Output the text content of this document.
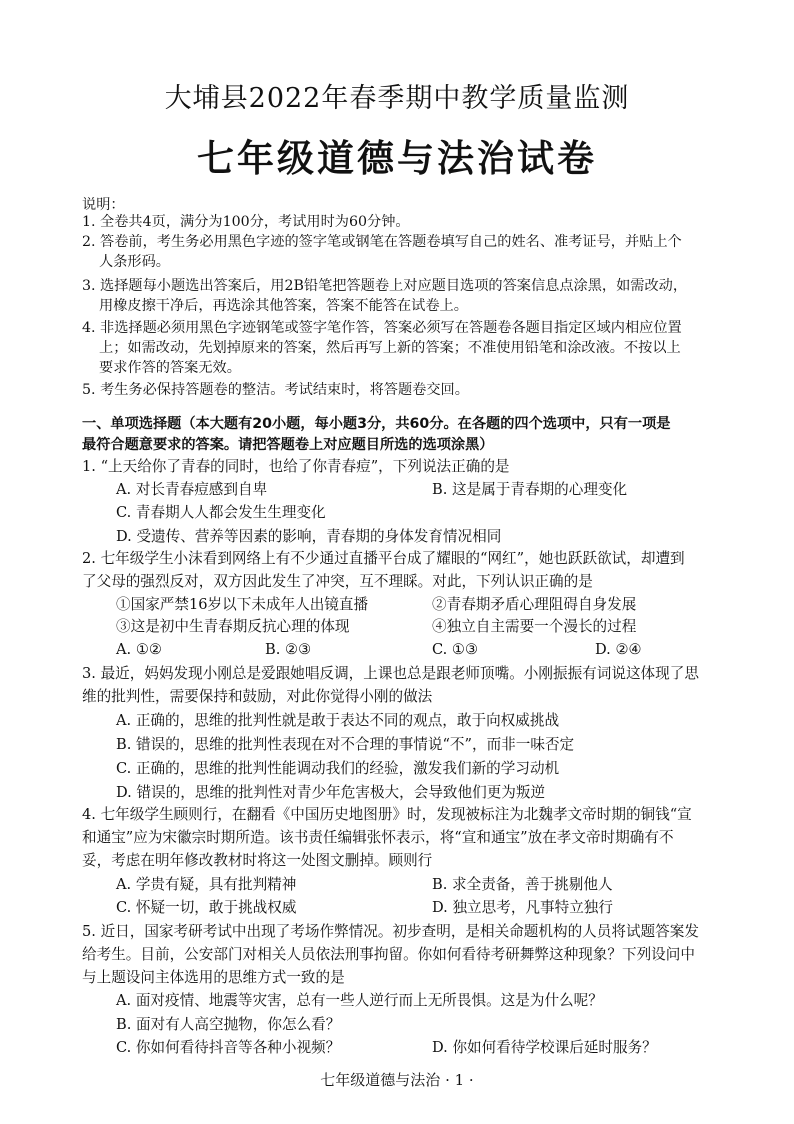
大埔县2022年春季期中教学质量监测
七年级道德与法治试卷
说明：
1. 全卷共4页，满分为100分，考试用时为60分钟。
2. 答卷前，考生务必用黑色字迹的签字笔或钢笔在答题卷填写自己的姓名、准考证号，并贴上个
人条形码。
3. 选择题每小题选出答案后，用2B铅笔把答题卷上对应题目选项的答案信息点涂黑，如需改动，
用橡皮擦干净后，再选涂其他答案，答案不能答在试卷上。
4. 非选择题必须用黑色字迹钢笔或签字笔作答，答案必须写在答题卷各题目指定区域内相应位置
上；如需改动，先划掉原来的答案，然后再写上新的答案；不准使用铅笔和涂改液。不按以上
要求作答的答案无效。
5. 考生务必保持答题卷的整洁。考试结束时，将答题卷交回。
一、单项选择题（本大题有20小题，每小题3分，共60分。在各题的四个选项中，只有一项是
最符合题意要求的答案。请把答题卷上对应题目所选的选项涂黑）
1. “上天给你了青春的同时，也给了你青春痘”，下列说法正确的是
A. 对长青春痘感到自卑	B. 这是属于青春期的心理变化
C. 青春期人人都会发生生理变化
D. 受遗传、营养等因素的影响，青春期的身体发育情况相同
2. 七年级学生小沫看到网络上有不少通过直播平台成了耀眼的“网红”，她也跃跃欲试，却遭到
了父母的强烈反对，双方因此发生了冲突，互不理睬。对此，下列认识正确的是
①国家严禁16岁以下未成年人出镜直播	②青春期矛盾心理阻碍自身发展
③这是初中生青春期反抗心理的体现	④独立自主需要一个漫长的过程
A. ①②	B. ②③	C. ①③	D. ②④
3. 最近，妈妈发现小刚总是爱跟她唱反调，上课也总是跟老师顶嘴。小刚振振有词说这体现了思
维的批判性，需要保持和鼓励，对此你觉得小刚的做法
A. 正确的，思维的批判性就是敢于表达不同的观点，敢于向权威挑战
B. 错误的，思维的批判性表现在对不合理的事情说“不”，而非一味否定
C. 正确的，思维的批判性能调动我们的经验，激发我们新的学习动机
D. 错误的，思维的批判性对青少年危害极大，会导致他们更为叛逆
4. 七年级学生顾则行，在翻看《中国历史地图册》时，发现被标注为北魏孝文帝时期的铜钱“宣
和通宝”应为宋徽宗时期所造。该书责任编辑张怀表示，将“宣和通宝”放在孝文帝时期确有不
妥，考虑在明年修改教材时将这一处图文删掉。顾则行
A. 学贵有疑，具有批判精神	B. 求全责备，善于挑剔他人
C. 怀疑一切，敢于挑战权威	D. 独立思考，凡事特立独行
5. 近日，国家考研考试中出现了考场作弊情况。初步查明，是相关命题机构的人员将试题答案发
给考生。目前，公安部门对相关人员依法刑事拘留。你如何看待考研舞弊这种现象？下列设问中
与上题设问主体选用的思维方式一致的是
A. 面对疫情、地震等灾害，总有一些人逆行而上无所畏惧。这是为什么呢？
B. 面对有人高空抛物，你怎么看？
C. 你如何看待抖音等各种小视频？	D. 你如何看待学校课后延时服务？
七年级道德与法治 · 1 ·
